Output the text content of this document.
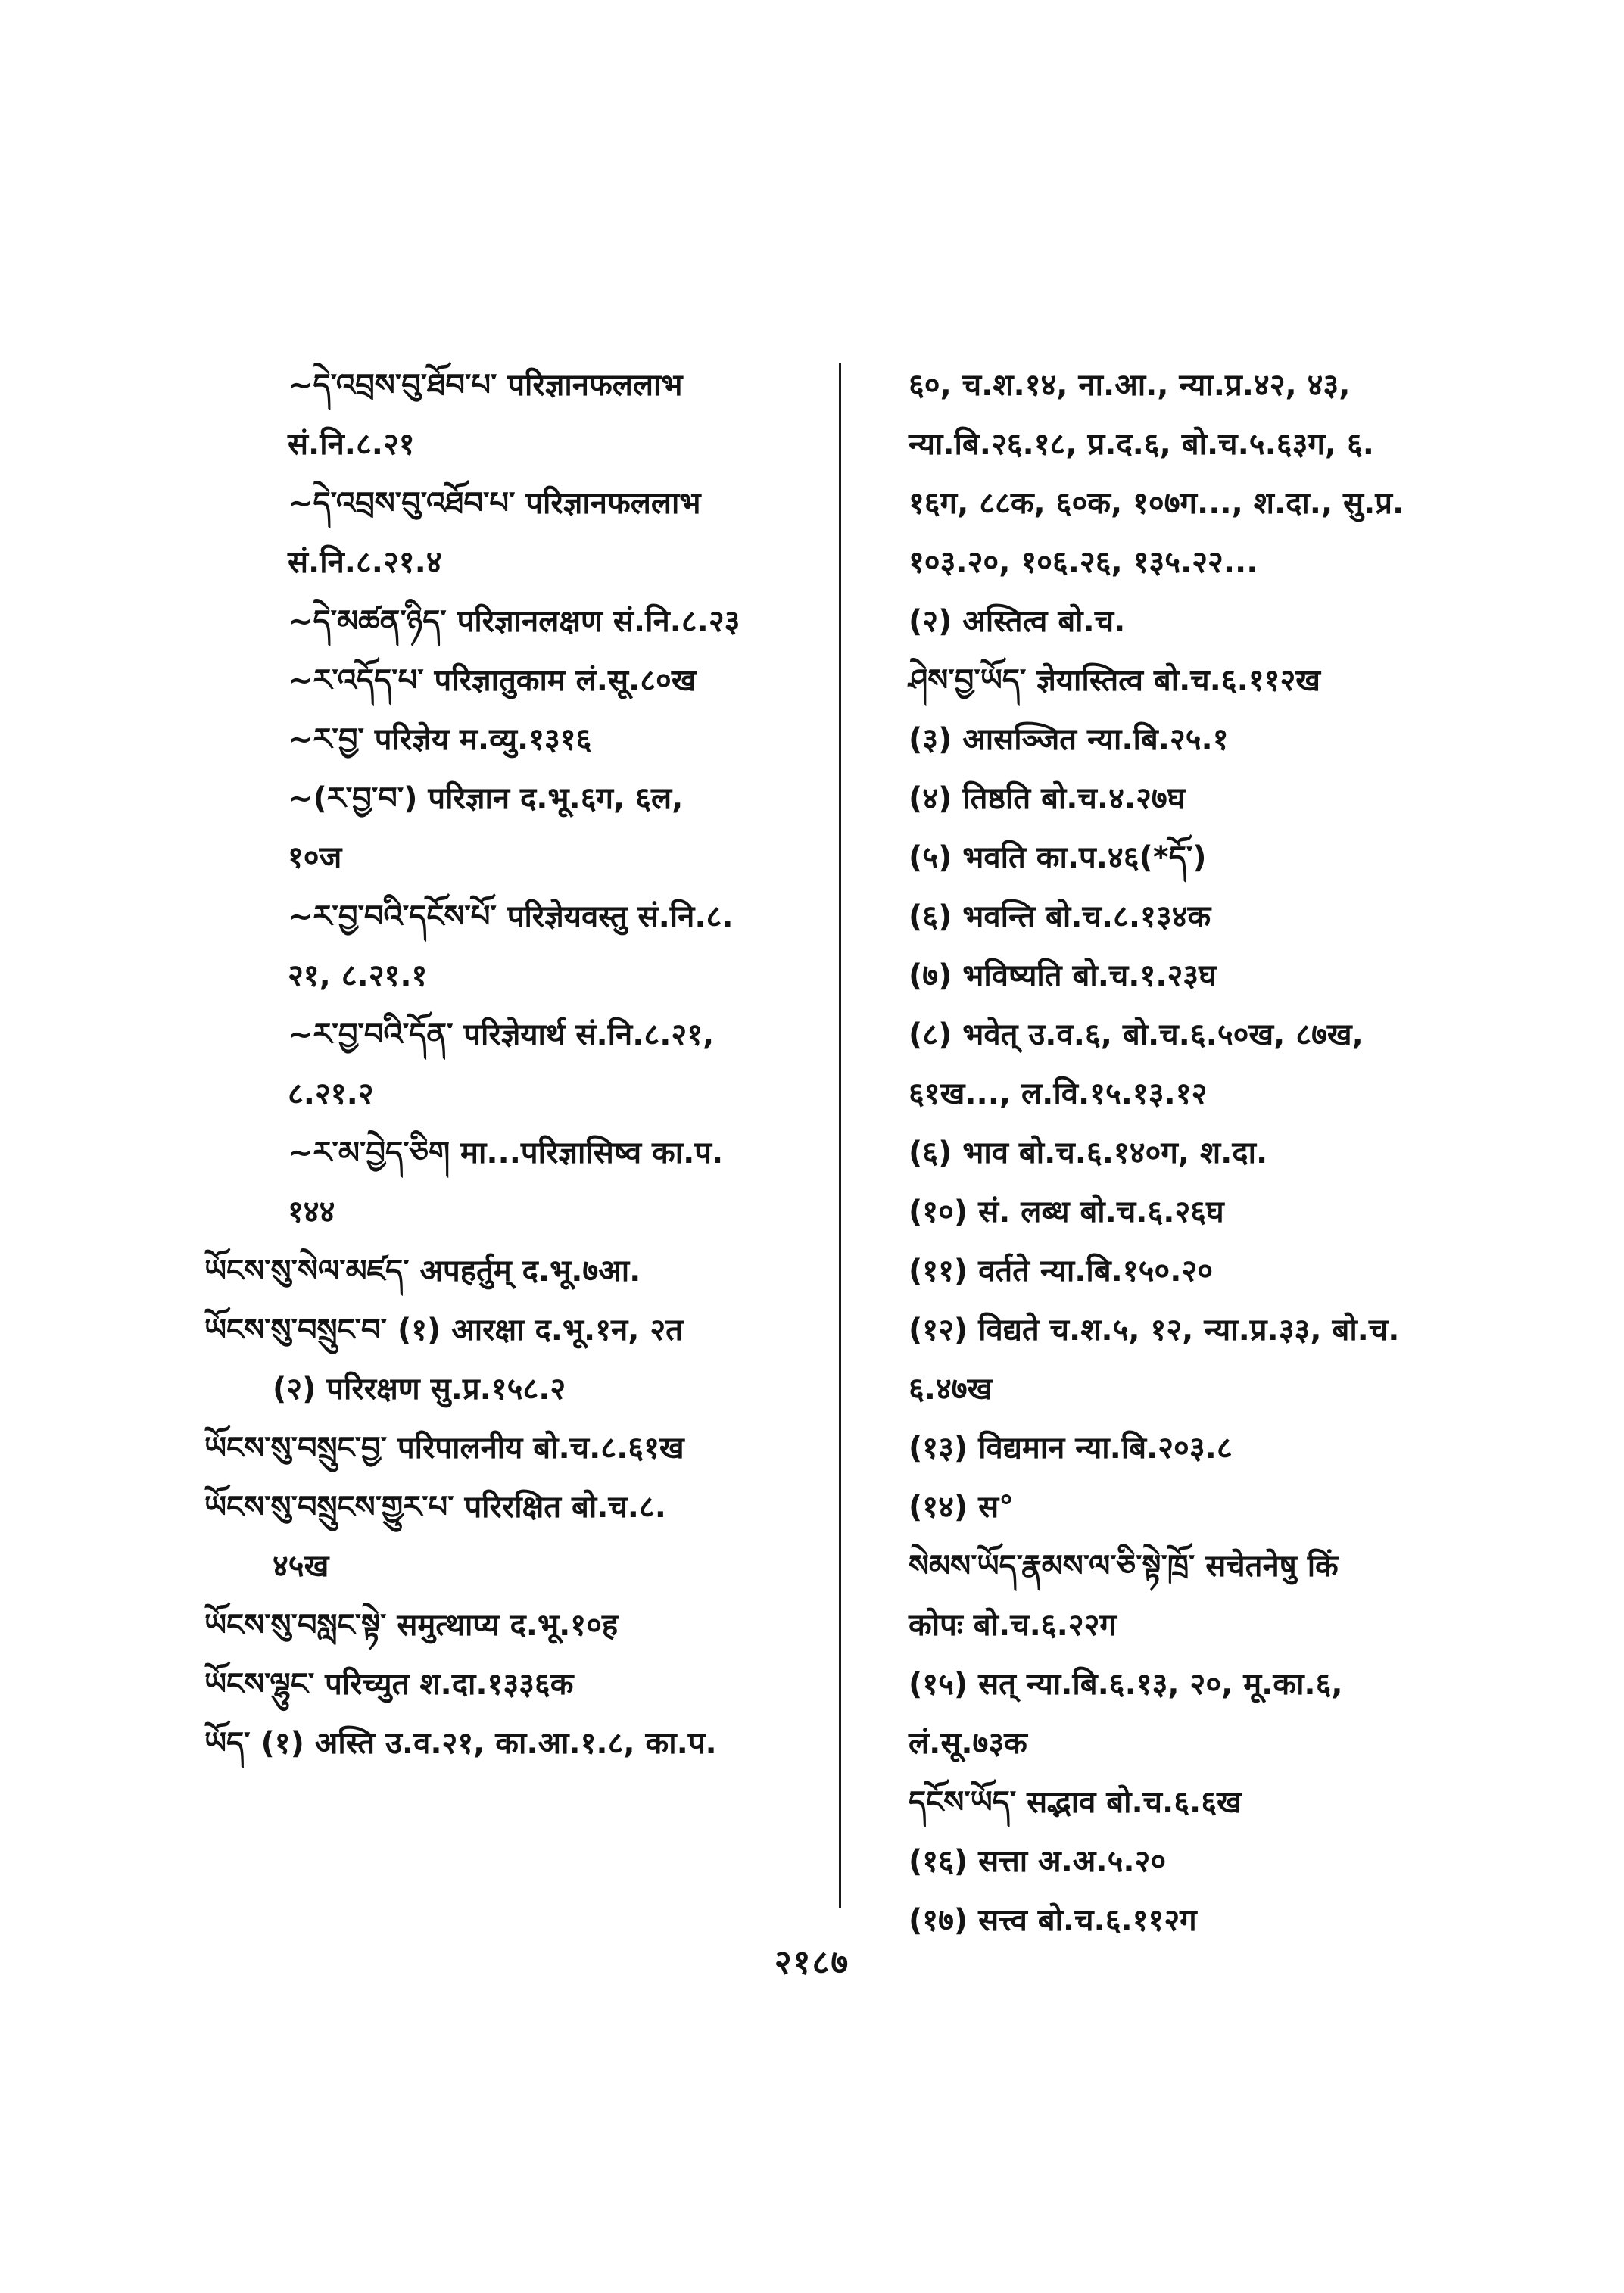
~དེ་འབྲས་བུ་ཐོབ་པ་ परिज्ञानफललाभ
सं.नि.८.२१
~དེ་འབྲས་བུ་འཐོབ་པ་ परिज्ञानफललाभ
सं.नि.८.२१.४
~དེ་མཚན་ཉིད་ परिज्ञानलक्षण सं.नि.८.२३
~ར་འདོད་པ་ परिज्ञातुकाम लं.सू.८०ख
~ར་བྱ་ परिज्ञेय म.व्यु.१३१६
~(ར་བྱ་བ་) परिज्ञान द.भू.६ग, ६ल,
१०ज
~ར་བྱ་བའི་དངོས་པོ་ परिज्ञेयवस्तु सं.नि.८.
२१, ८.२१.१
~ར་བྱ་བའི་དོན་ परिज्ञेयार्थ सं.नि.८.२१,
८.२१.२
~ར་མ་བྱེད་ཅིག मा...परिज्ञासिष्व का.प.
१४४
ཡོངས་སུ་སེལ་མཛད་ अपहर्तुम् द.भू.७आ.
ཡོངས་སུ་བསྲུང་བ་ (१) आरक्षा द.भू.१न, २त
(२) परिरक्षण सु.प्र.१५८.२
ཡོངས་སུ་བསྲུང་བྱ་ परिपालनीय बो.च.८.६१ख
ཡོངས་སུ་བསྲུངས་གྱུར་པ་ परिरक्षित बो.च.८.
४५ख
ཡོངས་སུ་བསླང་སྟེ་ समुत्थाप्य द.भू.१०ह
ཡོངས་ལྷུང་ परिच्युत श.दा.१३३६क
ཡོད་ (१) अस्ति उ.व.२१, का.आ.१.८, का.प.
६०, च.श.१४, ना.आ., न्या.प्र.४२, ४३,
न्या.बि.२६.१८, प्र.द.६, बो.च.५.६३ग, ६.
१६ग, ८८क, ६०क, १०७ग..., श.दा., सु.प्र.
१०३.२०, १०६.२६, १३५.२२...
(२) अस्तित्व बो.च.
ཤེས་བྱ་ཡོད་ ज्ञेयास्तित्व बो.च.६.११२ख
(३) आसञ्जित न्या.बि.२५.१
(४) तिष्ठति बो.च.४.२७घ
(५) भवति का.प.४६(*དོ་)
(६) भवन्ति बो.च.८.१३४क
(७) भविष्यति बो.च.१.२३घ
(८) भवेत् उ.व.६, बो.च.६.५०ख, ८७ख,
६१ख..., ल.वि.१५.१३.१२
(६) भाव बो.च.६.१४०ग, श.दा.
(१०) सं. लब्ध बो.च.६.२६घ
(११) वर्तते न्या.बि.१५०.२०
(१२) विद्यते च.श.५, १२, न्या.प्र.३३, बो.च.
६.४७ख
(१३) विद्यमान न्या.बि.२०३.८
(१४) स°
སེམས་ཡོད་རྣམས་ལ་ཅི་སྟེ་ཁྲོ་ सचेतनेषु किं
कोपः बो.च.६.२२ग
(१५) सत् न्या.बि.६.१३, २०, मू.का.६,
लं.सू.७३क
དངོས་ཡོད་ सद्भाव बो.च.६.६ख
(१६) सत्ता अ.अ.५.२०
(१७) सत्त्व बो.च.६.११२ग
२१८७
